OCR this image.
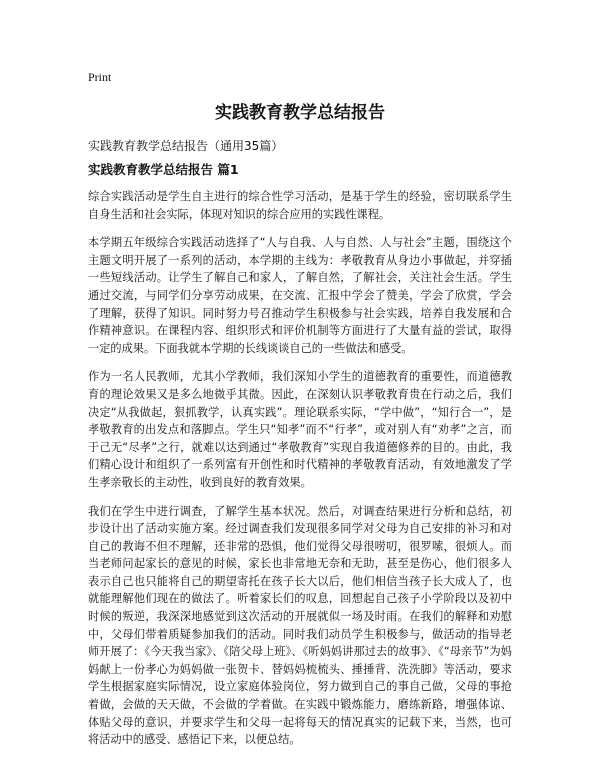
Print

实践教育教学总结报告

实践教育教学总结报告（通用35篇）

实践教育教学总结报告 篇1

综合实践活动是学生自主进行的综合性学习活动，是基于学生的经验，密切联系学生自身生活和社会实际，体现对知识的综合应用的实践性课程。

本学期五年级综合实践活动选择了“人与自我、人与自然、人与社会”主题，围绕这个主题文明开展了一系列的活动，本学期的主线为：孝敬教育从身边小事做起，并穿插一些短线活动。让学生了解自己和家人，了解自然，了解社会，关注社会生活。学生通过交流，与同学们分享劳动成果，在交流、汇报中学会了赞美，学会了欣赏，学会了理解，获得了知识。同时努力号召推动学生积极参与社会实践，培养自我发展和合作精神意识。在课程内容、组织形式和评价机制等方面进行了大量有益的尝试，取得一定的成果。下面我就本学期的长线谈谈自己的一些做法和感受。

作为一名人民教师，尤其小学教师，我们深知小学生的道德教育的重要性，而道德教育的理论效果又是多么地微乎其微。因此，在深刻认识孝敬教育贵在行动之后，我们决定“从我做起，狠抓教学，认真实践”。理论联系实际，“学中做”，“知行合一”，是孝敬教育的出发点和落脚点。学生只“知孝”而不“行孝”，或对别人有“劝孝”之言，而于己无“尽孝”之行，就难以达到通过“孝敬教育”实现自我道德修养的目的。由此，我们精心设计和组织了一系列富有开创性和时代精神的孝敬教育活动，有效地激发了学生孝亲敬长的主动性，收到良好的教育效果。

我们在学生中进行调查，了解学生基本状况。然后，对调查结果进行分析和总结，初步设计出了活动实施方案。经过调查我们发现很多同学对父母为自己安排的补习和对自己的教诲不但不理解，还非常的恐惧，他们觉得父母很唠叨，很罗嗦，很烦人。而当老师问起家长的意见的时候，家长也非常地无奈和无助，甚至是伤心，他们很多人表示自己也只能将自己的期望寄托在孩子长大以后，他们相信当孩子长大成人了，也就能理解他们现在的做法了。听着家长们的叹息，回想起自己孩子小学阶段以及初中时候的叛逆，我深深地感觉到这次活动的开展就似一场及时雨。在我们的解释和劝慰中，父母们带着质疑参加我们的活动。同时我们动员学生积极参与，做活动的指导老师开展了：《今天我当家》、《陪父母上班》、《听妈妈讲那过去的故事》、《“母亲节”为妈妈献上一份孝心为妈妈做一张贺卡、替妈妈梳梳头、捶捶背、洗洗脚》等活动，要求学生根据家庭实际情况，设立家庭体验岗位，努力做到自己的事自己做，父母的事抢着做，会做的天天做，不会做的学着做。在实践中锻炼能力，磨练新路，增强体谅、体贴父母的意识，并要求学生和父母一起将每天的情况真实的记载下来，当然，也可将活动中的感受、感悟记下来，以便总结。
